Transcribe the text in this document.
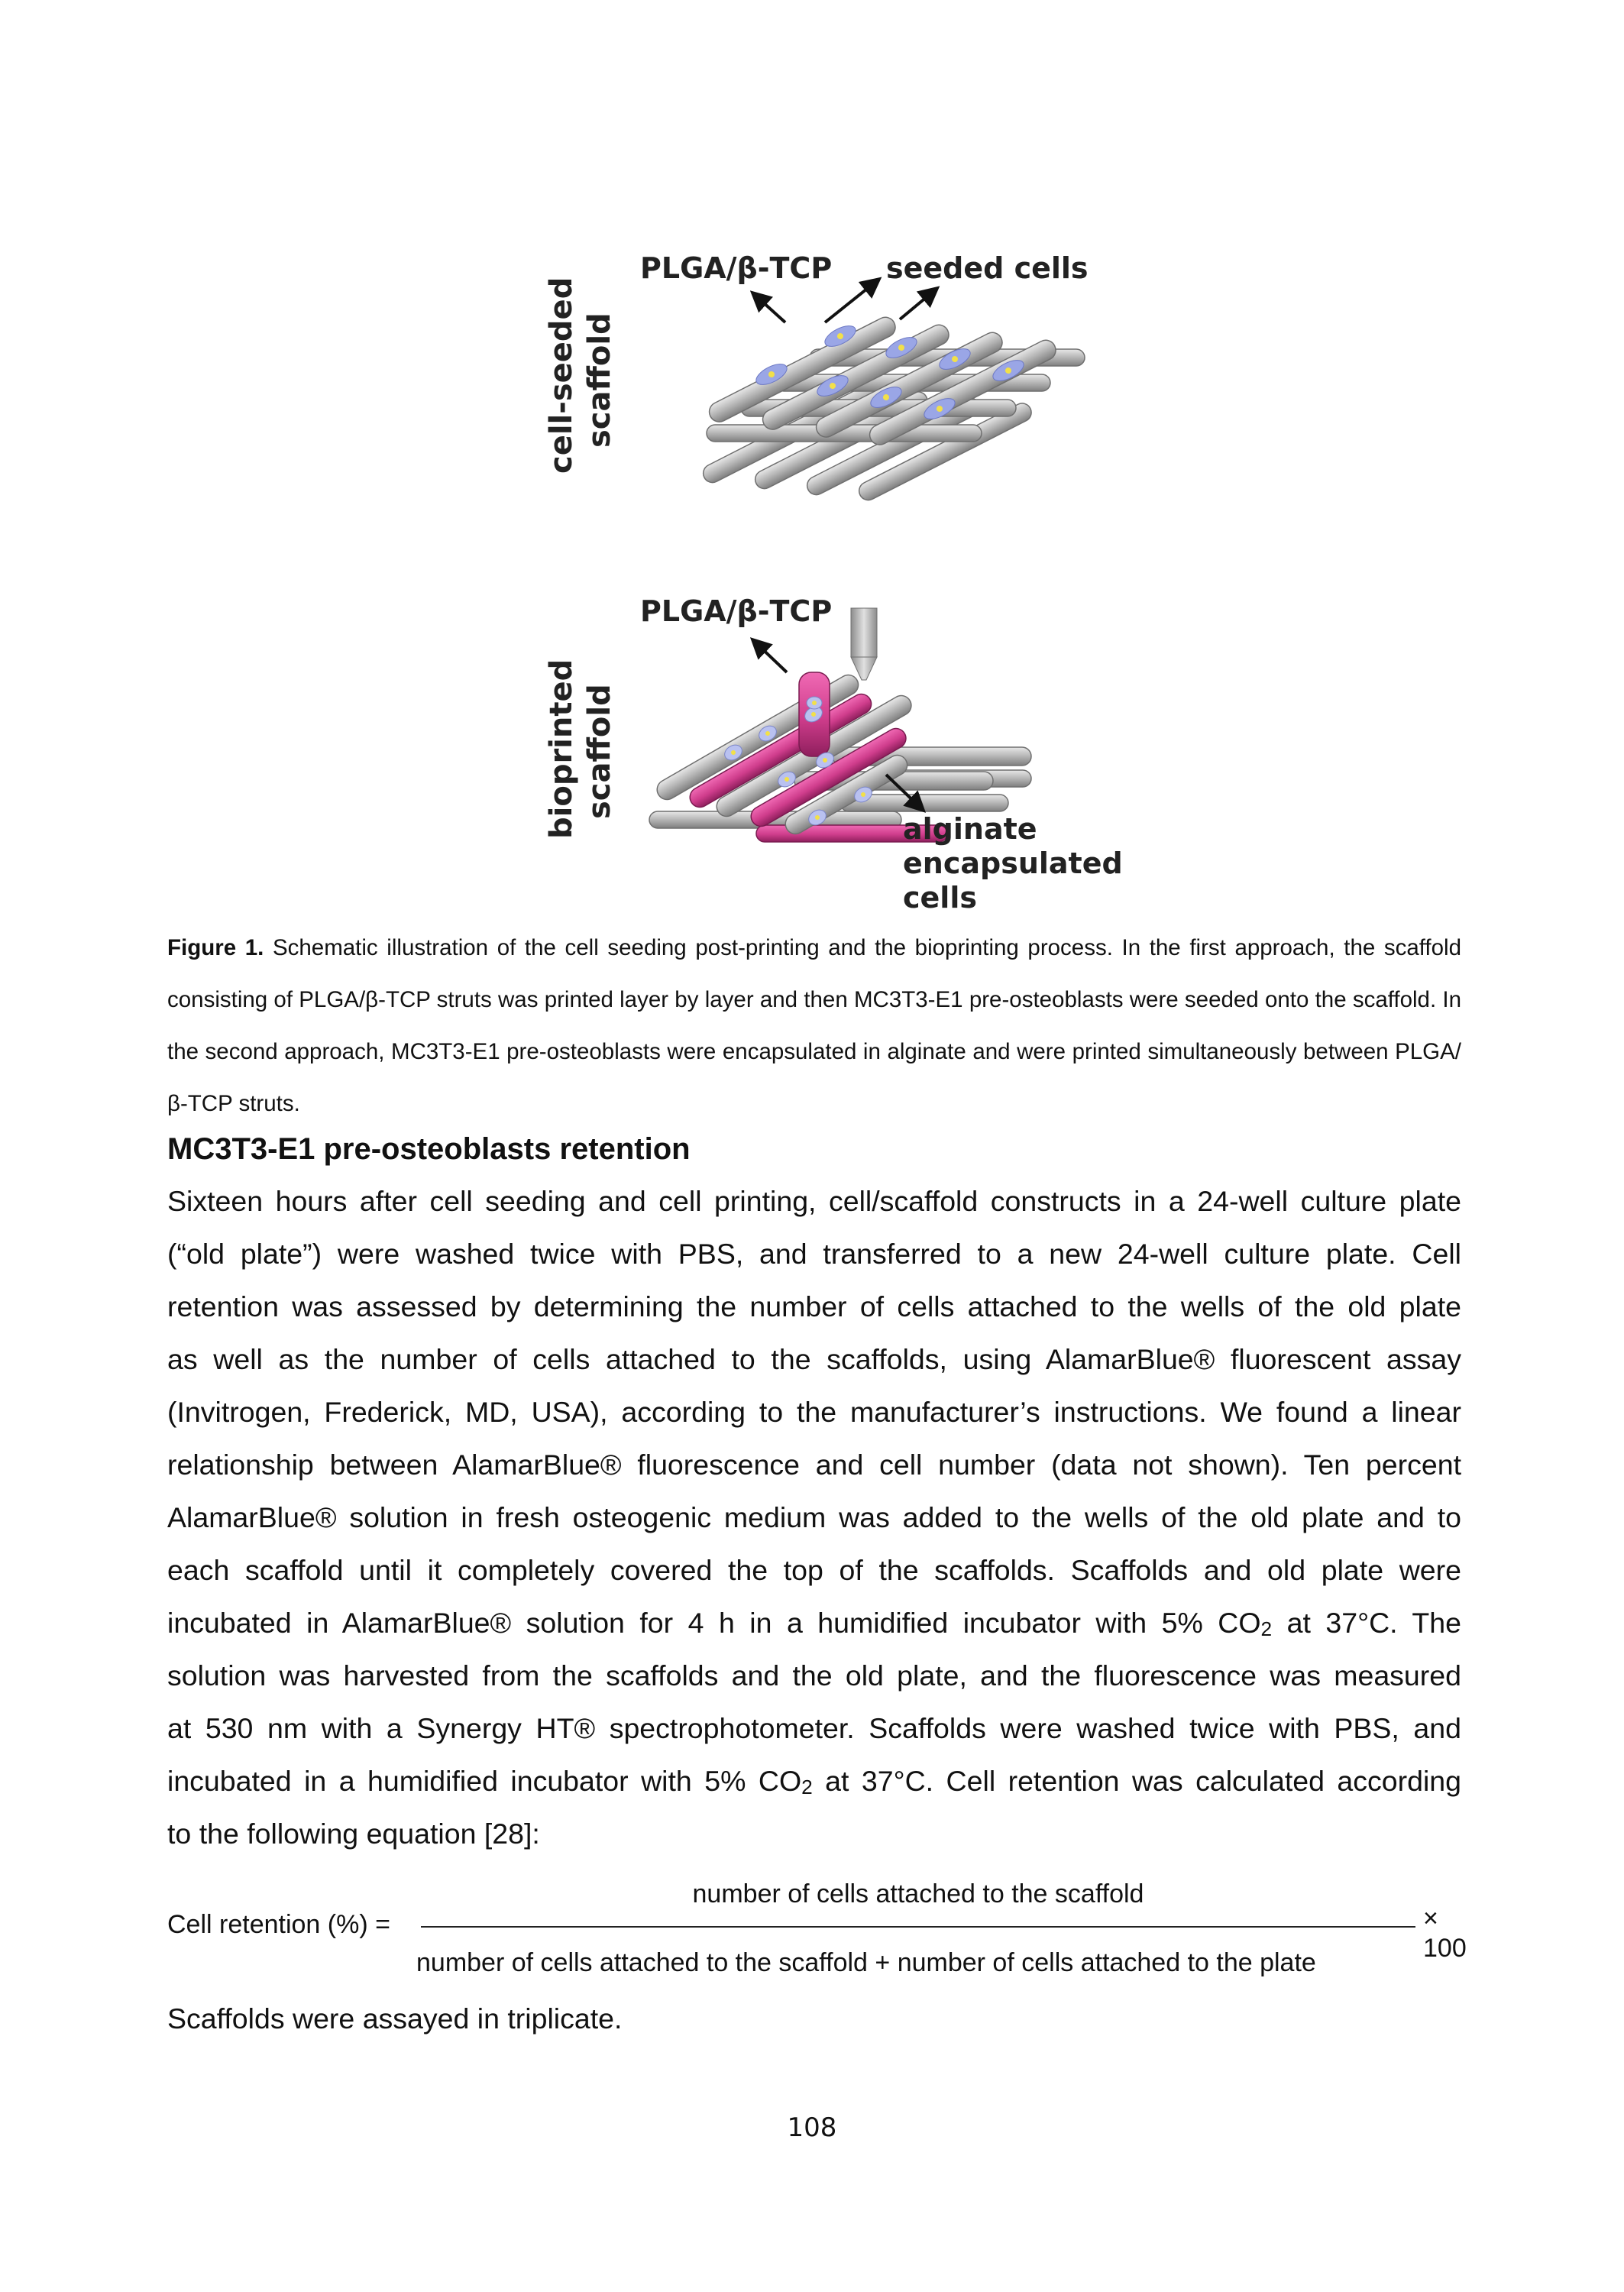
cell-seeded scaffold
PLGA/β-TCP seeded cells
bioprinted scaffold
PLGA/β-TCP
alginate
encapsulated
cells
Figure 1. Schematic illustration of the cell seeding post-printing and the bioprinting process. In the first approach, the scaffold consisting of PLGA/β-TCP struts was printed layer by layer and then MC3T3-E1 pre-osteoblasts were seeded onto the scaffold. In the second approach, MC3T3-E1 pre-osteoblasts were encapsulated in alginate and were printed simultaneously between PLGA/β-TCP struts.
MC3T3-E1 pre-osteoblasts retention
Sixteen hours after cell seeding and cell printing, cell/scaffold constructs in a 24-well culture plate
(“old plate”) were washed twice with PBS, and transferred to a new 24-well culture plate. Cell
retention was assessed by determining the number of cells attached to the wells of the old plate
as well as the number of cells attached to the scaffolds, using AlamarBlue® fluorescent assay
(Invitrogen, Frederick, MD, USA), according to the manufacturer’s instructions. We found a linear
relationship between AlamarBlue® fluorescence and cell number (data not shown). Ten percent
AlamarBlue® solution in fresh osteogenic medium was added to the wells of the old plate and to
each scaffold until it completely covered the top of the scaffolds. Scaffolds and old plate were
incubated in AlamarBlue® solution for 4 h in a humidified incubator with 5% $CO_2$ at 37°C. The
solution was harvested from the scaffolds and the old plate, and the fluorescence was measured
at 530 nm with a Synergy HT® spectrophotometer. Scaffolds were washed twice with PBS, and
incubated in a humidified incubator with 5% $CO_2$ at 37°C. Cell retention was calculated according
to the following equation [28]:
Cell retention (%) =
number of cells attached to the scaffold
× 100
number of cells attached to the scaffold + number of cells attached to the plate

Scaffolds were assayed in triplicate.

108
